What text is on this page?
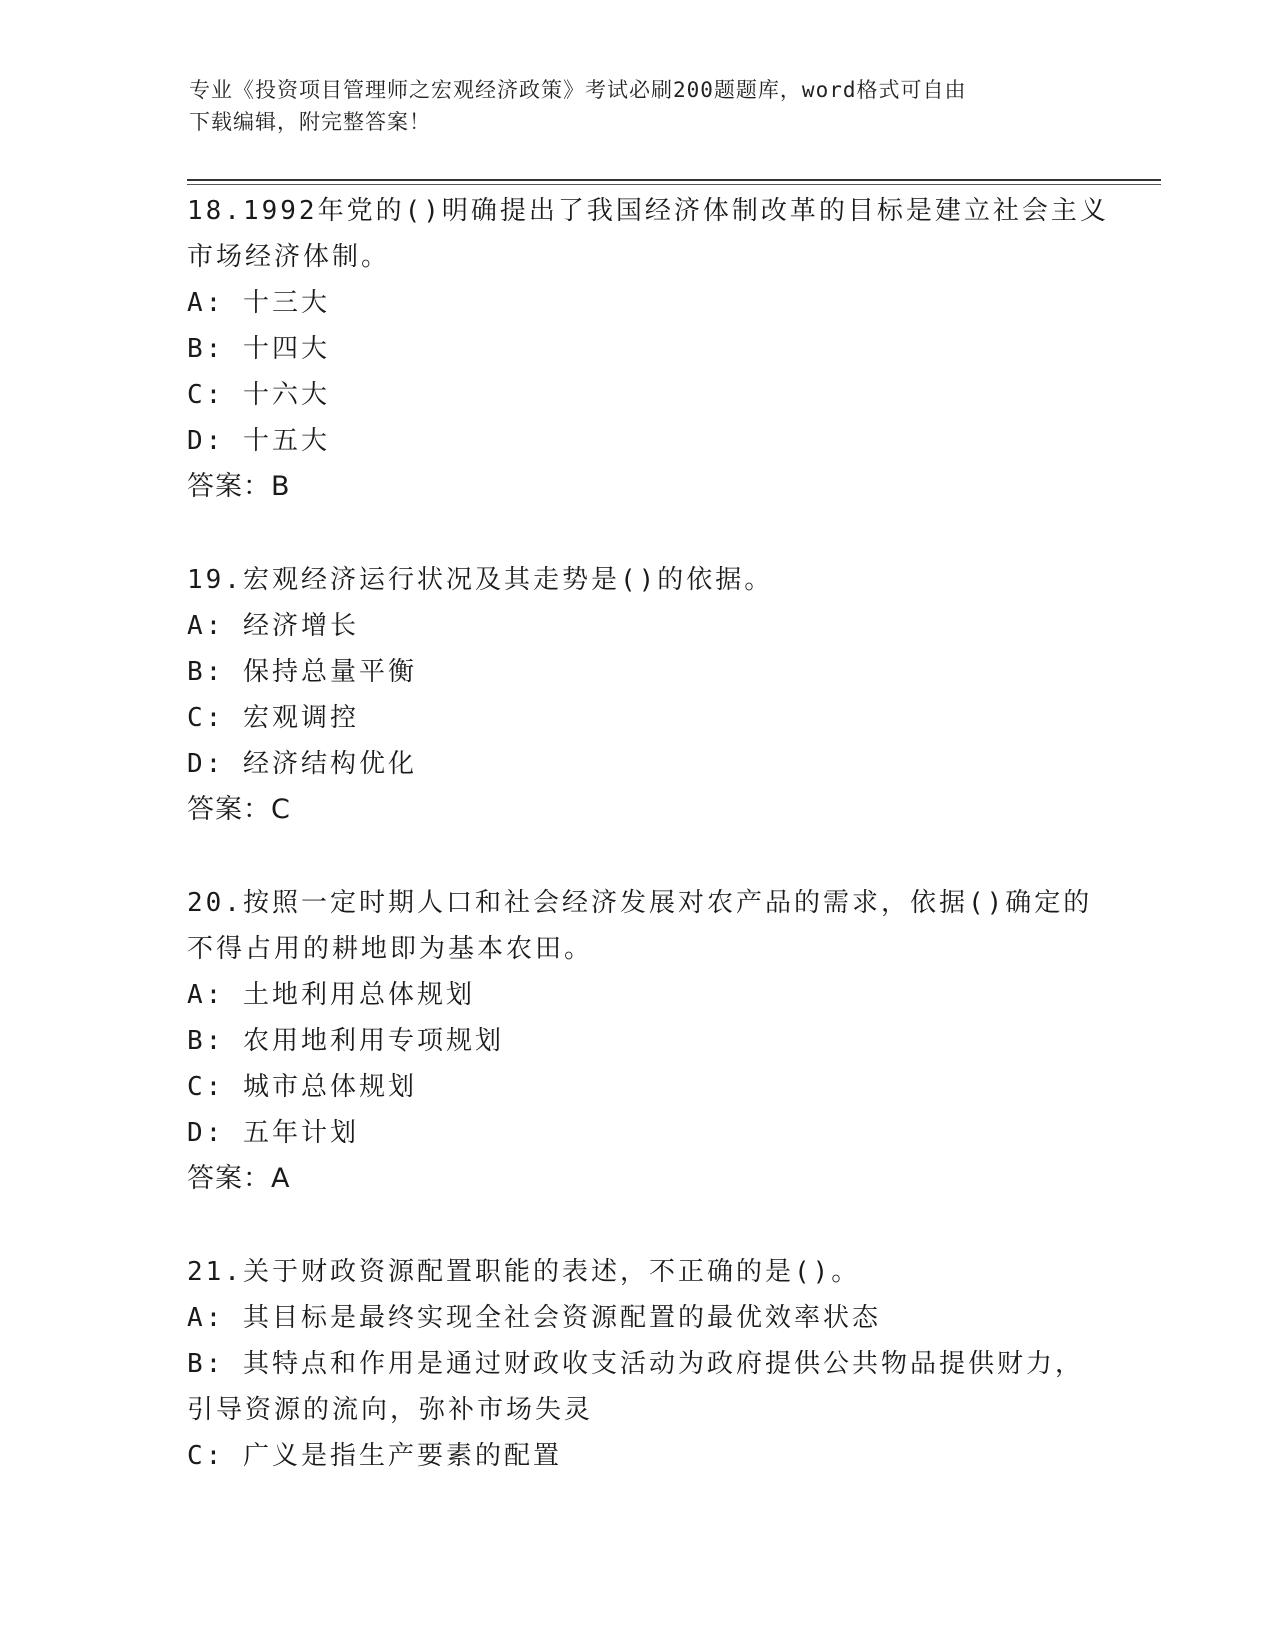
专业《投资项目管理师之宏观经济政策》考试必刷200题题库，word格式可自由
下载编辑，附完整答案！
18.1992年党的()明确提出了我国经济体制改革的目标是建立社会主义
市场经济体制。
A: 十三大
B: 十四大
C: 十六大
D: 十五大
答案：B
19.宏观经济运行状况及其走势是()的依据。
A: 经济增长
B: 保持总量平衡
C: 宏观调控
D: 经济结构优化
答案：C
20.按照一定时期人口和社会经济发展对农产品的需求，依据()确定的
不得占用的耕地即为基本农田。
A: 土地利用总体规划
B: 农用地利用专项规划
C: 城市总体规划
D: 五年计划
答案：A
21.关于财政资源配置职能的表述，不正确的是()。
A: 其目标是最终实现全社会资源配置的最优效率状态
B: 其特点和作用是通过财政收支活动为政府提供公共物品提供财力，
引导资源的流向，弥补市场失灵
C: 广义是指生产要素的配置
